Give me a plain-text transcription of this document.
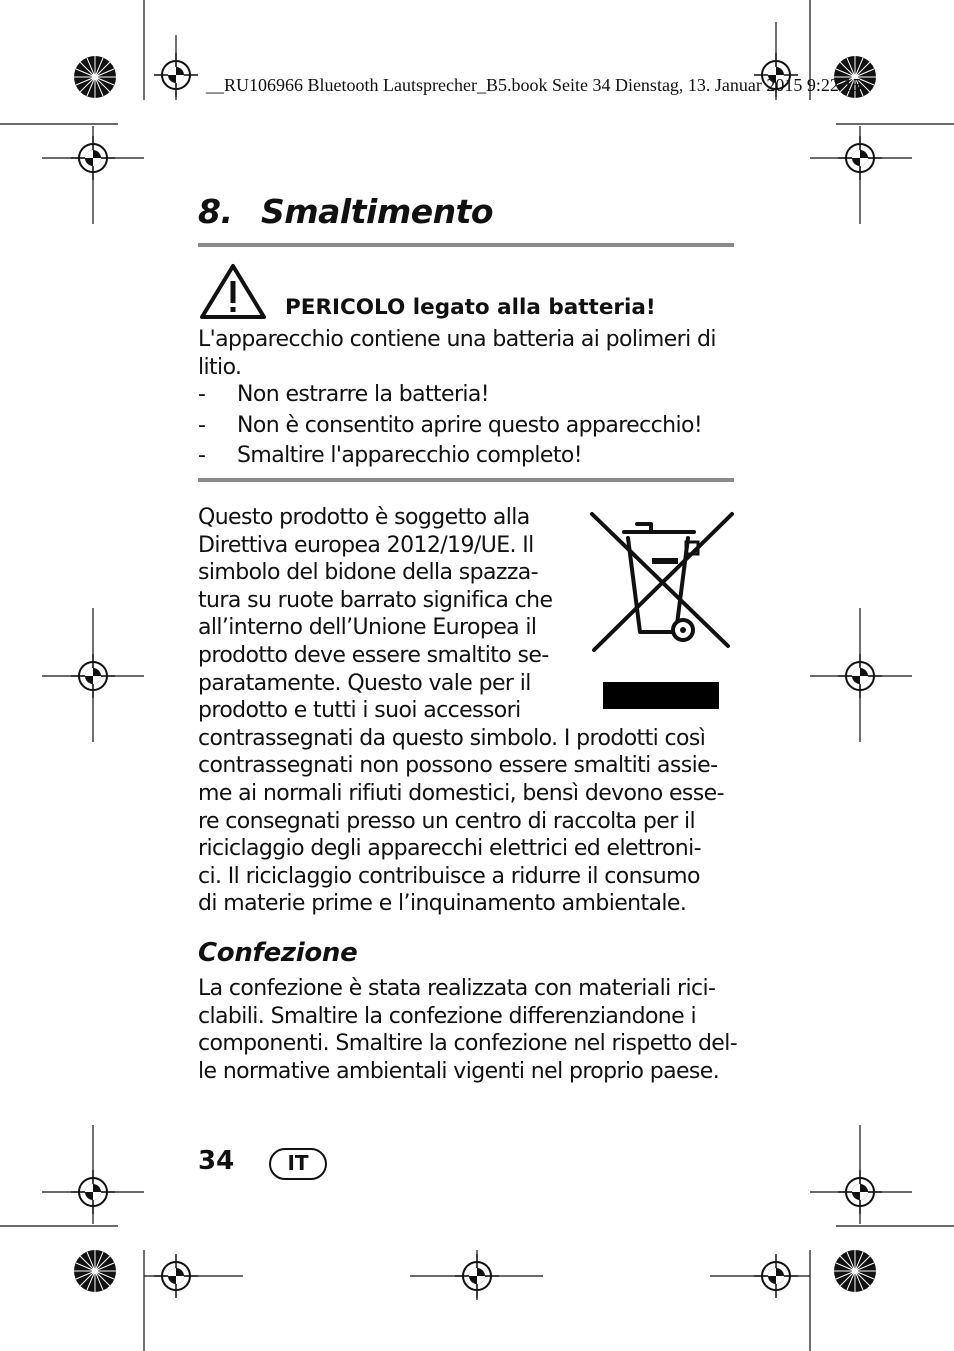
__RU106966 Bluetooth Lautsprecher_B5.book Seite 34 Dienstag, 13. Januar 2015 9:22 15
8. Smaltimento
PERICOLO legato alla batteria!
L'apparecchio contiene una batteria ai polimeri di litio.
- Non estrarre la batteria!
- Non è consentito aprire questo apparecchio!
- Smaltire l'apparecchio completo!
Questo prodotto è soggetto alla
Direttiva europea 2012/19/UE. Il
simbolo del bidone della spazza-
tura su ruote barrato significa che
all’interno dell’Unione Europea il
prodotto deve essere smaltito se-
paratamente. Questo vale per il
prodotto e tutti i suoi accessori
contrassegnati da questo simbolo. I prodotti così
contrassegnati non possono essere smaltiti assie-
me ai normali rifiuti domestici, bensì devono esse-
re consegnati presso un centro di raccolta per il
riciclaggio degli apparecchi elettrici ed elettroni-
ci. Il riciclaggio contribuisce a ridurre il consumo
di materie prime e l’inquinamento ambientale.
Confezione
La confezione è stata realizzata con materiali rici-
clabili. Smaltire la confezione differenziandone i
componenti. Smaltire la confezione nel rispetto del-
le normative ambientali vigenti nel proprio paese.
34	IT
